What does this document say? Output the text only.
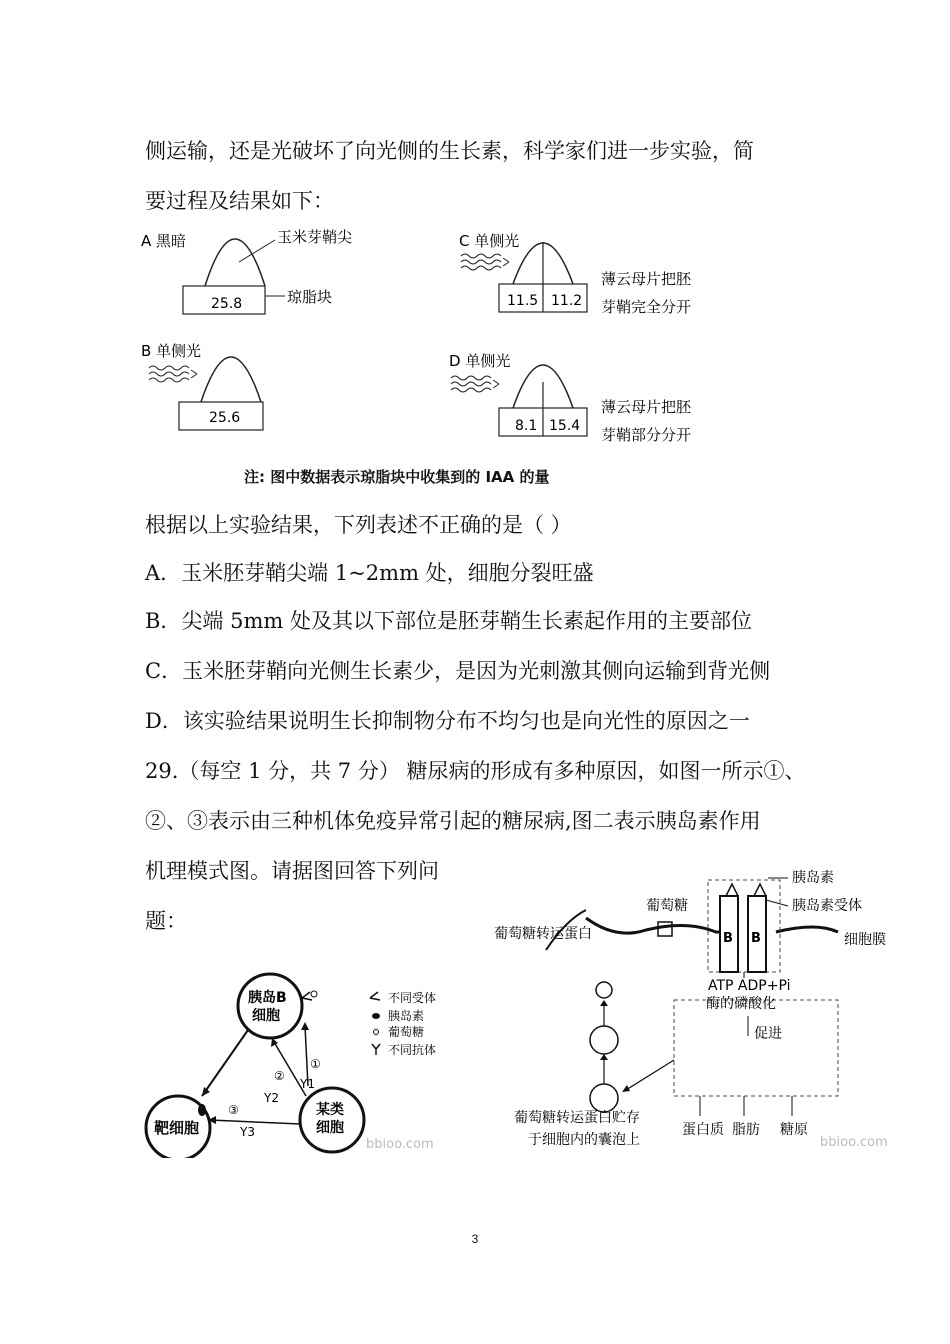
侧运输，还是光破坏了向光侧的生长素，科学家们进一步实验，简
要过程及结果如下：
A 黑暗
25.8
玉米芽鞘尖
琼脂块
B 单侧光
25.6
C 单侧光
11.5 11.2
薄云母片把胚
芽鞘完全分开
D 单侧光
8.1 15.4
薄云母片把胚
芽鞘部分分开
注: 图中数据表示琼脂块中收集到的 IAA 的量
根据以上实验结果，下列表述不正确的是（ ）
A．玉米胚芽鞘尖端 1~2mm 处，细胞分裂旺盛
B．尖端 5mm 处及其以下部位是胚芽鞘生长素起作用的主要部位
C．玉米胚芽鞘向光侧生长素少，是因为光刺激其侧向运输到背光侧
D．该实验结果说明生长抑制物分布不均匀也是向光性的原因之一
29.（每空 1 分，共 7 分） 糖尿病的形成有多种原因，如图一所示①、
②、③表示由三种机体免疫异常引起的糖尿病,图二表示胰岛素作用
机理模式图。请据图回答下列问
题：
胰岛B
细胞
靶细胞
某类
细胞
①
Y1
②
Y2
③
Y3
不同受体
胰岛素
葡萄糖
不同抗体
bbioo.com
B B
胰岛素
胰岛素受体
细胞膜
葡萄糖
葡萄糖转运蛋白
ATP ADP+Pi
酶的磷酸化
促进
蛋白质 脂肪 糖原
葡萄糖转运蛋白贮存
于细胞内的囊泡上	bbioo.com
3
